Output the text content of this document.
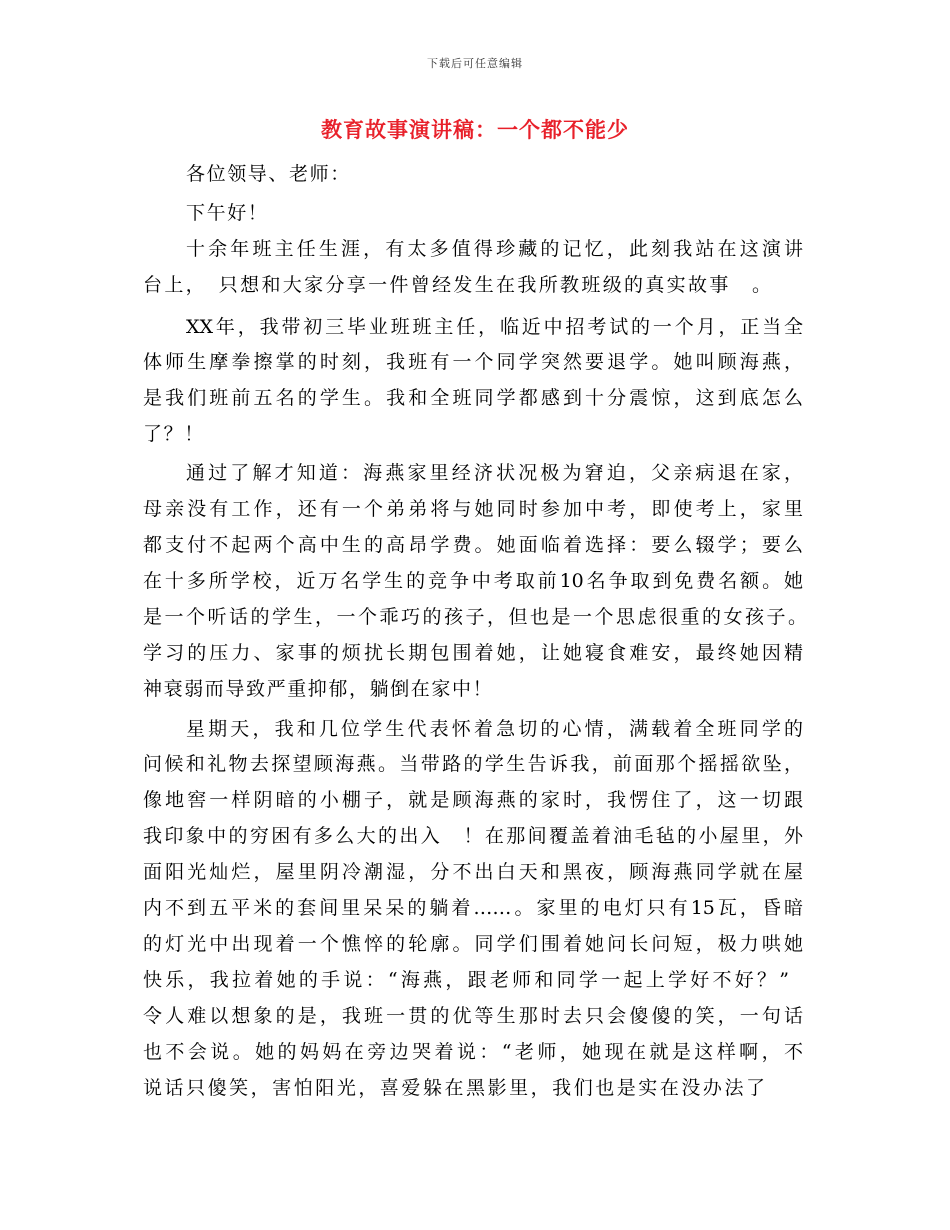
下载后可任意编辑
教育故事演讲稿：一个都不能少
各位领导、老师：
下午好！
十余年班主任生涯，有太多值得珍藏的记忆，此刻我站在这演讲
台上，　只想和大家分享一件曾经发生在我所教班级的真实故事　。
XX年，我带初三毕业班班主任，临近中招考试的一个月，正当全
体师生摩拳擦掌的时刻，我班有一个同学突然要退学。她叫顾海燕，
是我们班前五名的学生。我和全班同学都感到十分震惊，这到底怎么
了？！
通过了解才知道：海燕家里经济状况极为窘迫，父亲病退在家，
母亲没有工作，还有一个弟弟将与她同时参加中考，即使考上，家里
都支付不起两个高中生的高昂学费。她面临着选择：要么辍学；要么
在十多所学校，近万名学生的竞争中考取前10名争取到免费名额。她
是一个听话的学生，一个乖巧的孩子，但也是一个思虑很重的女孩子。
学习的压力、家事的烦扰长期包围着她，让她寝食难安，最终她因精
神衰弱而导致严重抑郁，躺倒在家中！
星期天，我和几位学生代表怀着急切的心情，满载着全班同学的
问候和礼物去探望顾海燕。当带路的学生告诉我，前面那个摇摇欲坠，
像地窖一样阴暗的小棚子，就是顾海燕的家时，我愣住了，这一切跟
我印象中的穷困有多么大的出入　！在那间覆盖着油毛毡的小屋里，外
面阳光灿烂，屋里阴冷潮湿，分不出白天和黑夜，顾海燕同学就在屋
内不到五平米的套间里呆呆的躺着……。家里的电灯只有15瓦，昏暗
的灯光中出现着一个憔悴的轮廓。同学们围着她问长问短，极力哄她
快乐，我拉着她的手说：“海燕，跟老师和同学一起上学好不好？”
令人难以想象的是，我班一贯的优等生那时去只会傻傻的笑，一句话
也不会说。她的妈妈在旁边哭着说：“老师，她现在就是这样啊，不
说话只傻笑，害怕阳光，喜爱躲在黑影里，我们也是实在没办法了
